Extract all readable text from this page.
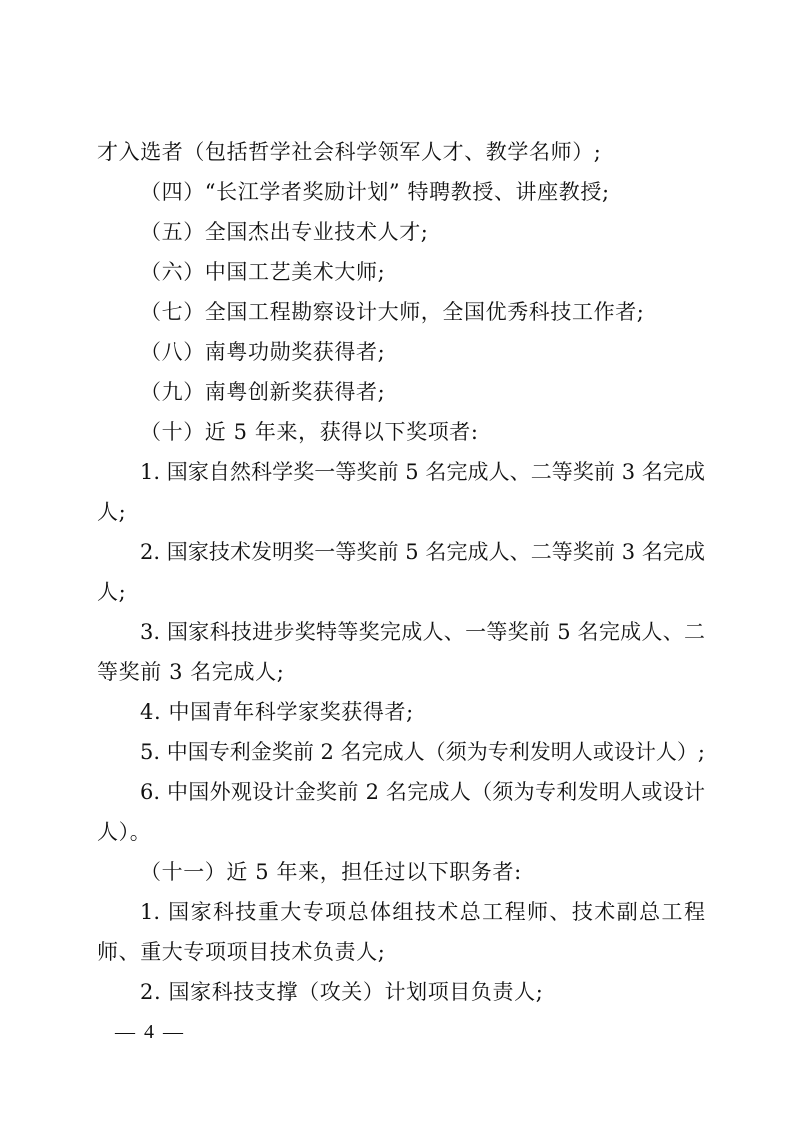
才入选者（包括哲学社会科学领军人才、教学名师）;
（四）“长江学者奖励计划” 特聘教授、讲座教授;
（五）全国杰出专业技术人才;
（六）中国工艺美术大师;
（七）全国工程勘察设计大师，全国优秀科技工作者;
（八）南粤功勋奖获得者;
（九）南粤创新奖获得者;
（十）近 5 年来，获得以下奖项者:
1. 国家自然科学奖一等奖前 5 名完成人、二等奖前 3 名完成
人;
2. 国家技术发明奖一等奖前 5 名完成人、二等奖前 3 名完成
人;
3. 国家科技进步奖特等奖完成人、一等奖前 5 名完成人、二
等奖前 3 名完成人;
4. 中国青年科学家奖获得者;
5. 中国专利金奖前 2 名完成人（须为专利发明人或设计人）;
6. 中国外观设计金奖前 2 名完成人（须为专利发明人或设计
人）。
（十一）近 5 年来，担任过以下职务者:
1. 国家科技重大专项总体组技术总工程师、技术副总工程
师、重大专项项目技术负责人;
2. 国家科技支撑（攻关）计划项目负责人;
— 4 —
